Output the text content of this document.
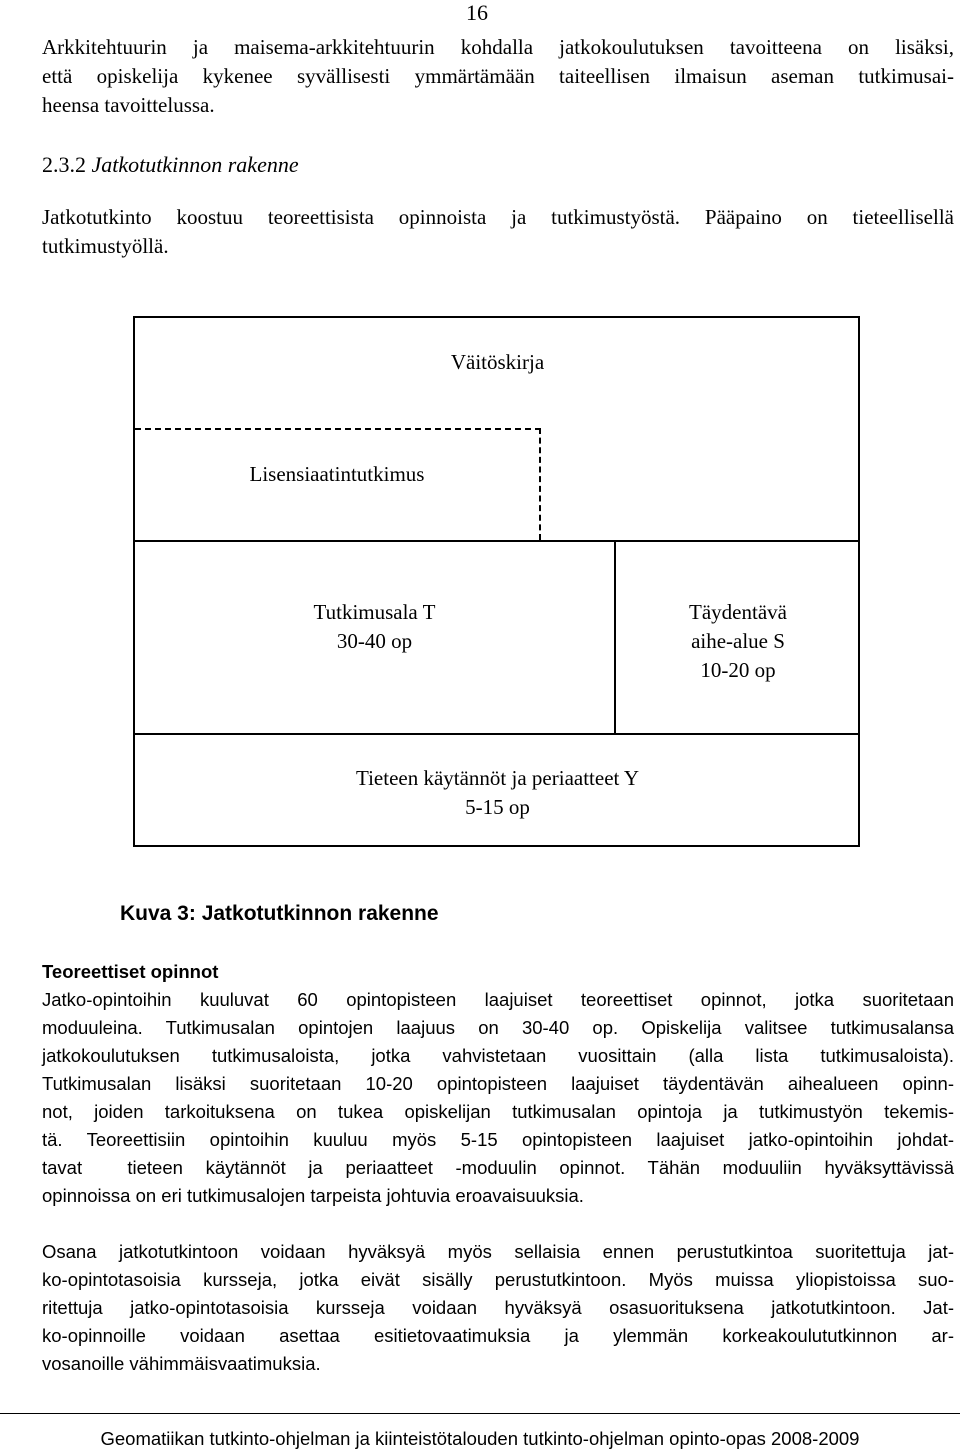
16
Arkkitehtuurin ja maisema-arkkitehtuurin kohdalla jatkokoulutuksen tavoitteena on lisäksi,
että opiskelija kykenee syvällisesti ymmärtämään taiteellisen ilmaisun aseman tutkimusai-
heensa tavoittelussa.
2.3.2 Jatkotutkinnon rakenne
Jatkotutkinto koostuu teoreettisista opinnoista ja tutkimustyöstä. Pääpaino on tieteellisellä
tutkimustyöllä.
Väitöskirja
Lisensiaatintutkimus
Tutkimusala T
30-40 op
Täydentävä
aihe-alue S
10-20 op
Tieteen käytännöt ja periaatteet Y
5-15 op
Kuva 3: Jatkotutkinnon rakenne
Teoreettiset opinnot
Jatko-opintoihin kuuluvat 60 opintopisteen laajuiset teoreettiset opinnot, jotka suoritetaan
moduuleina. Tutkimusalan opintojen laajuus on 30-40 op. Opiskelija valitsee tutkimusalansa
jatkokoulutuksen tutkimusaloista, jotka vahvistetaan vuosittain (alla lista tutkimusaloista).
Tutkimusalan lisäksi suoritetaan 10-20 opintopisteen laajuiset täydentävän aihealueen opinn-
not, joiden tarkoituksena on tukea opiskelijan tutkimusalan opintoja ja tutkimustyön tekemis-
tä. Teoreettisiin opintoihin kuuluu myös 5-15 opintopisteen laajuiset jatko-opintoihin johdat-
tavat  tieteen käytännöt ja periaatteet -moduulin opinnot. Tähän moduuliin hyväksyttävissä
opinnoissa on eri tutkimusalojen tarpeista johtuvia eroavaisuuksia.
Osana jatkotutkintoon voidaan hyväksyä myös sellaisia ennen perustutkintoa suoritettuja jat-
ko-opintotasoisia kursseja, jotka eivät sisälly perustutkintoon. Myös muissa yliopistoissa suo-
ritettuja jatko-opintotasoisia kursseja voidaan hyväksyä osasuorituksena jatkotutkintoon. Jat-
ko-opinnoille voidaan asettaa esitietovaatimuksia ja ylemmän korkeakoulututkinnon ar-
vosanoille vähimmäisvaatimuksia.
Geomatiikan tutkinto-ohjelman ja kiinteistötalouden tutkinto-ohjelman opinto-opas 2008-2009
